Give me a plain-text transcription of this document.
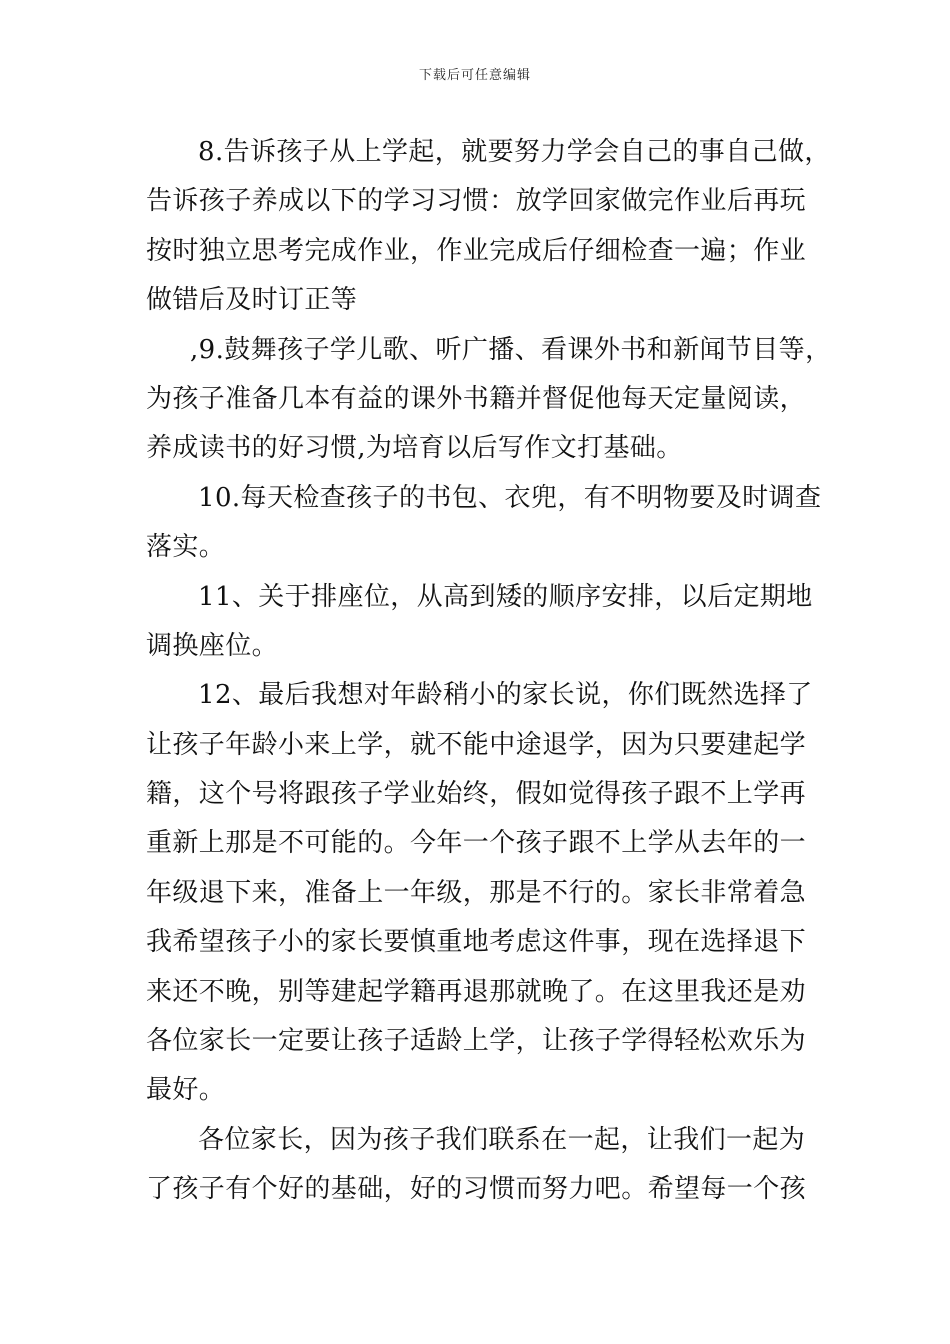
下载后可任意编辑
8.告诉孩子从上学起，就要努力学会自己的事自己做，
告诉孩子养成以下的学习习惯：放学回家做完作业后再玩
按时独立思考完成作业，作业完成后仔细检查一遍；作业
做错后及时订正等
,9.鼓舞孩子学儿歌、听广播、看课外书和新闻节目等，
为孩子准备几本有益的课外书籍并督促他每天定量阅读，
养成读书的好习惯,为培育以后写作文打基础。
10.每天检查孩子的书包、衣兜，有不明物要及时调查
落实。
11、关于排座位，从高到矮的顺序安排，以后定期地
调换座位。
12、最后我想对年龄稍小的家长说，你们既然选择了
让孩子年龄小来上学，就不能中途退学，因为只要建起学
籍，这个号将跟孩子学业始终，假如觉得孩子跟不上学再
重新上那是不可能的。今年一个孩子跟不上学从去年的一
年级退下来，准备上一年级，那是不行的。家长非常着急
我希望孩子小的家长要慎重地考虑这件事，现在选择退下
来还不晚，别等建起学籍再退那就晚了。在这里我还是劝
各位家长一定要让孩子适龄上学，让孩子学得轻松欢乐为
最好。
各位家长，因为孩子我们联系在一起，让我们一起为
了孩子有个好的基础，好的习惯而努力吧。希望每一个孩
